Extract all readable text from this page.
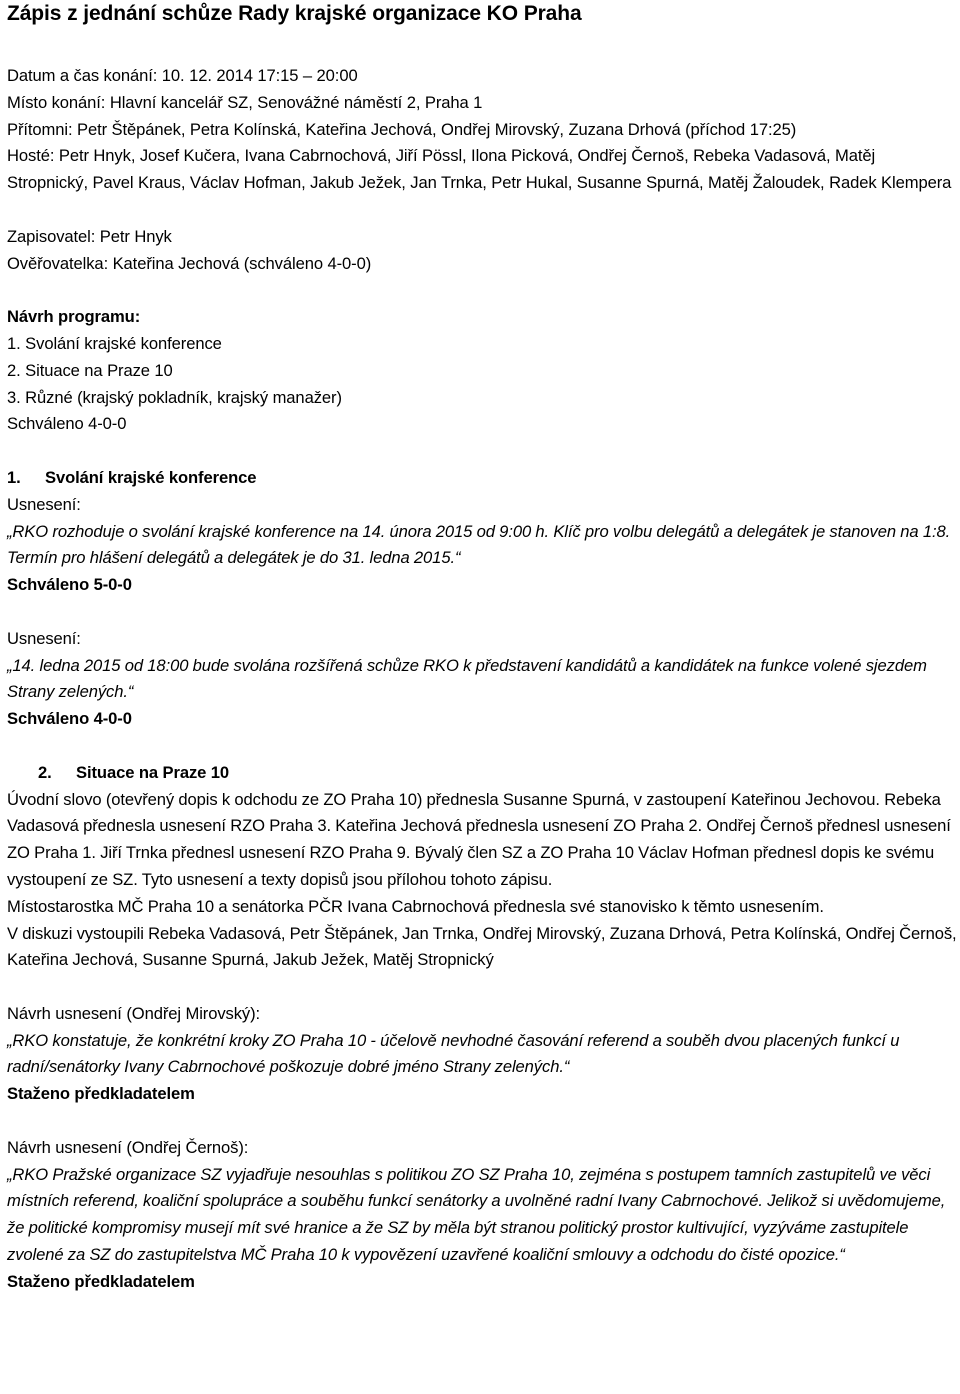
Zápis z jednání schůze Rady krajské organizace KO Praha
Datum a čas konání: 10. 12. 2014 17:15 – 20:00
Místo konání: Hlavní kancelář SZ, Senovážné náměstí 2, Praha 1
Přítomni: Petr Štěpánek, Petra Kolínská, Kateřina Jechová, Ondřej Mirovský, Zuzana Drhová (příchod 17:25)
Hosté: Petr Hnyk, Josef Kučera, Ivana Cabrnochová, Jiří Pössl, Ilona Picková, Ondřej Černoš, Rebeka Vadasová, Matěj Stropnický, Pavel Kraus, Václav Hofman, Jakub Ježek, Jan Trnka, Petr Hukal, Susanne Spurná, Matěj Žaloudek, Radek Klempera
Zapisovatel: Petr Hnyk
Ověřovatelka: Kateřina Jechová (schváleno 4-0-0)
Návrh programu:
1. Svolání krajské konference
2. Situace na Praze 10
3. Různé (krajský pokladník, krajský manažer)
Schváleno 4-0-0
1. Svolání krajské konference
Usnesení:
„RKO rozhoduje o svolání krajské konference na 14. února 2015 od 9:00 h. Klíč pro volbu delegátů a delegátek je stanoven na 1:8. Termín pro hlášení delegátů a delegátek je do 31. ledna 2015.“
Schváleno 5-0-0
Usnesení:
„14. ledna 2015 od 18:00 bude svolána rozšířená schůze RKO k představení kandidátů a kandidátek na funkce volené sjezdem Strany zelených.“
Schváleno 4-0-0
2. Situace na Praze 10
Úvodní slovo (otevřený dopis k odchodu ze ZO Praha 10) přednesla Susanne Spurná, v zastoupení Kateřinou Jechovou. Rebeka Vadasová přednesla usnesení RZO Praha 3. Kateřina Jechová přednesla usnesení ZO Praha 2. Ondřej Černoš přednesl usnesení ZO Praha 1. Jiří Trnka přednesl usnesení RZO Praha 9. Bývalý člen SZ a ZO Praha 10 Václav Hofman přednesl dopis ke svému vystoupení ze SZ. Tyto usnesení a texty dopisů jsou přílohou tohoto zápisu.
Místostarostka MČ Praha 10 a senátorka PČR Ivana Cabrnochová přednesla své stanovisko k těmto usnesením.
V diskuzi vystoupili Rebeka Vadasová, Petr Štěpánek, Jan Trnka, Ondřej Mirovský, Zuzana Drhová, Petra Kolínská, Ondřej Černoš, Kateřina Jechová, Susanne Spurná, Jakub Ježek, Matěj Stropnický
Návrh usnesení (Ondřej Mirovský):
„RKO konstatuje, že konkrétní kroky ZO Praha 10 - účelově nevhodné časování referend a souběh dvou placených funkcí u radní/senátorky Ivany Cabrnochové poškozuje dobré jméno Strany zelených.“
Staženo předkladatelem
Návrh usnesení (Ondřej Černoš):
„RKO Pražské organizace SZ vyjadřuje nesouhlas s politikou ZO SZ Praha 10, zejména s postupem tamních zastupitelů ve věci místních referend, koaliční spolupráce a souběhu funkcí senátorky a uvolněné radní Ivany Cabrnochové. Jelikož si uvědomujeme, že politické kompromisy musejí mít své hranice a že SZ by měla být stranou politický prostor kultivující, vyzýváme zastupitele zvolené za SZ do zastupitelstva MČ Praha 10 k vypovězení uzavřené koaliční smlouvy a odchodu do čisté opozice.“
Staženo předkladatelem
